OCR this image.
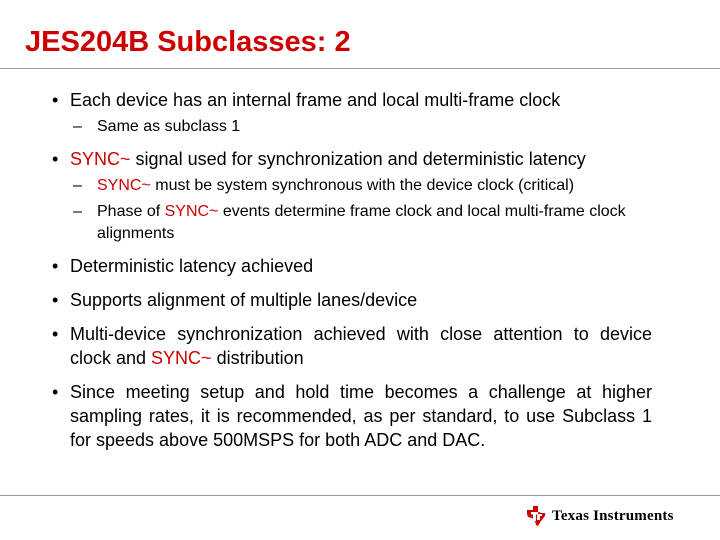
JES204B Subclasses: 2
• Each device has an internal frame and local multi-frame clock
– Same as subclass 1
• SYNC~ signal used for synchronization and deterministic latency
– SYNC~ must be system synchronous with the device clock (critical)
– Phase of SYNC~ events determine frame clock and local multi-frame clock alignments
• Deterministic latency achieved
• Supports alignment of multiple lanes/device
• Multi-device synchronization achieved with close attention to device clock and SYNC~ distribution
• Since meeting setup and hold time becomes a challenge at higher sampling rates, it is recommended, as per standard, to use Subclass 1 for speeds above 500MSPS for both ADC and DAC.
Texas Instruments
